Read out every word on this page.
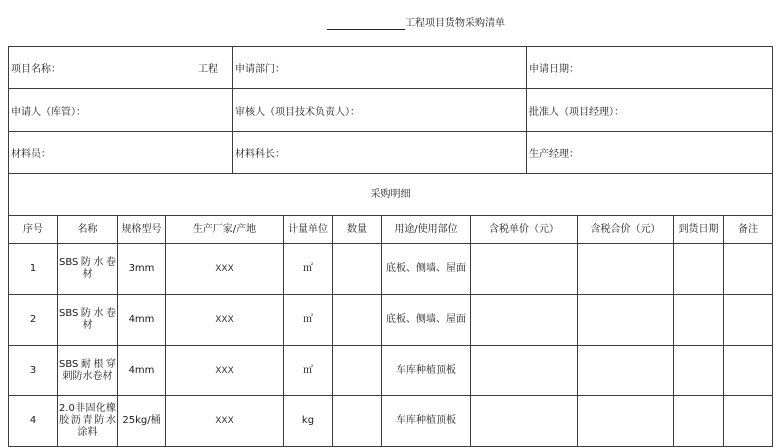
工程项目货物采购清单
项目名称： 工程	申请部门：	申请日期：
申请人（库管）：	审核人（项目技术负责人）：	批准人（项目经理）：
材料员：	材料科长：	生产经理：
采购明细										
序号	名称	规格型号	生产厂家/产地	计量单位	数量	用途/使用部位	含税单价（元）	含税合价（元）	到货日期	备注
1	SBS防水卷材	3mm	XXX	㎡		底板、侧墙、屋面				
2	SBS防水卷材	4mm	XXX	㎡		底板、侧墙、屋面				
3	SBS耐根穿刺防水卷材	4mm	XXX	㎡		车库种植顶板				
4	2.0非固化橡胶沥青防水涂料	25kg/桶	XXX	kg		车库种植顶板				
